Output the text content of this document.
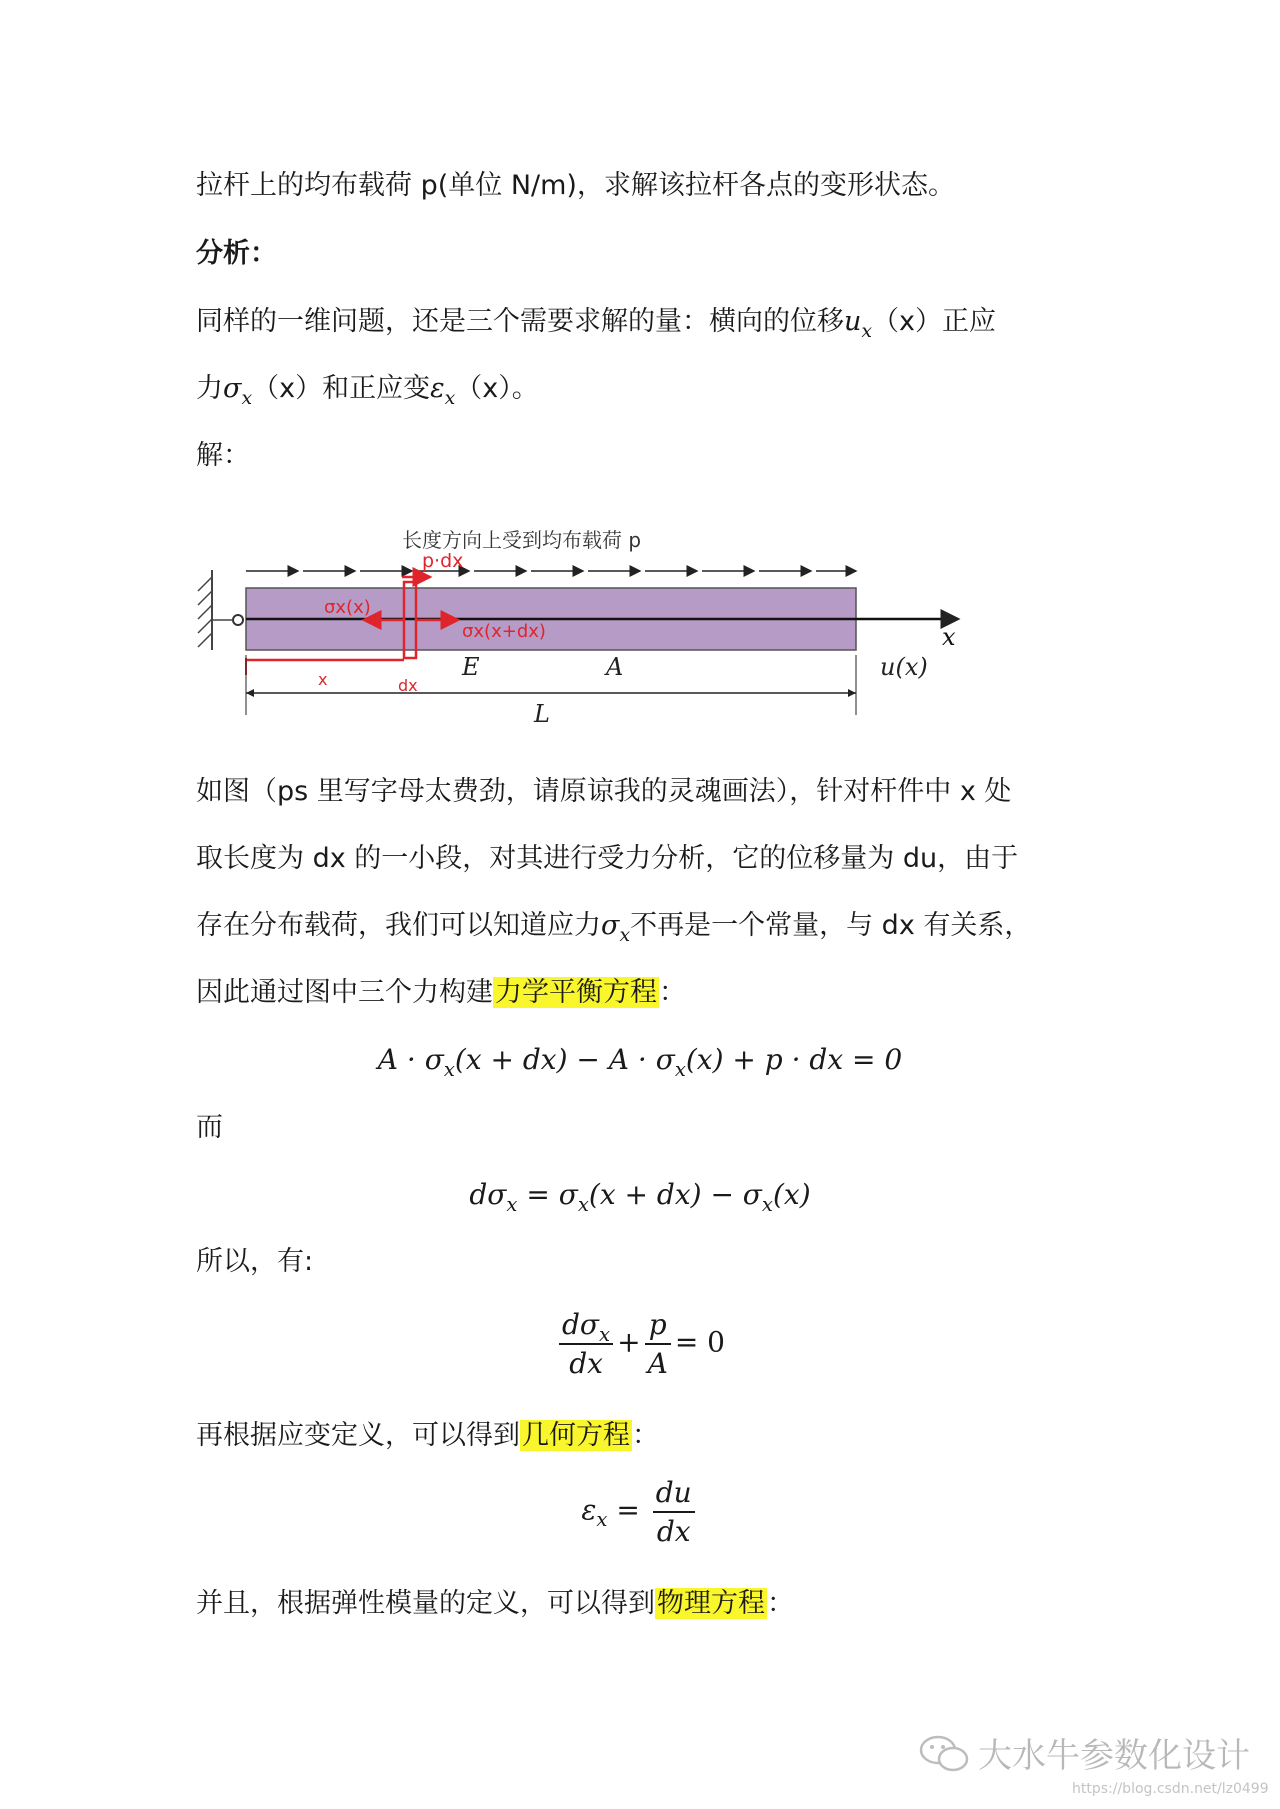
拉杆上的均布载荷 p(单位 N/m)，求解该拉杆各点的变形状态。
分析：
同样的一维问题，还是三个需要求解的量：横向的位移$u_x(x)$正应
力$\sigma_x(x)$和正应变$\varepsilon_x(x)$。
解：
x
长度方向上受到均布载荷 p
p·dx
σx(x)
σx(x+dx)
E	A	u(x)
x	dx
L
如图（ps 里写字母太费劲，请原谅我的灵魂画法），针对杆件中 x 处
取长度为 dx 的一小段，对其进行受力分析，它的位移量为 du，由于
存在分布载荷，我们可以知道应力$\sigma_x$不再是一个常量，与 dx 有关系，
因此通过图中三个力构建力学平衡方程：
$A \cdot \sigma_x(x + dx) - A \cdot \sigma_x(x) + p$ · dx = 0
而
$d\sigma_x = \sigma_x(x + dx) - \sigma_x(x)$
所以，有:
$\frac{d\sigma_x}{dx} + \frac{p}{A} = 0$
再根据应变定义，可以得到几何方程：
$\varepsilon_x = \frac{du}{dx}$
并且，根据弹性模量的定义，可以得到物理方程：
大水牛参数化设计
https://blog.csdn.net/lz0499
